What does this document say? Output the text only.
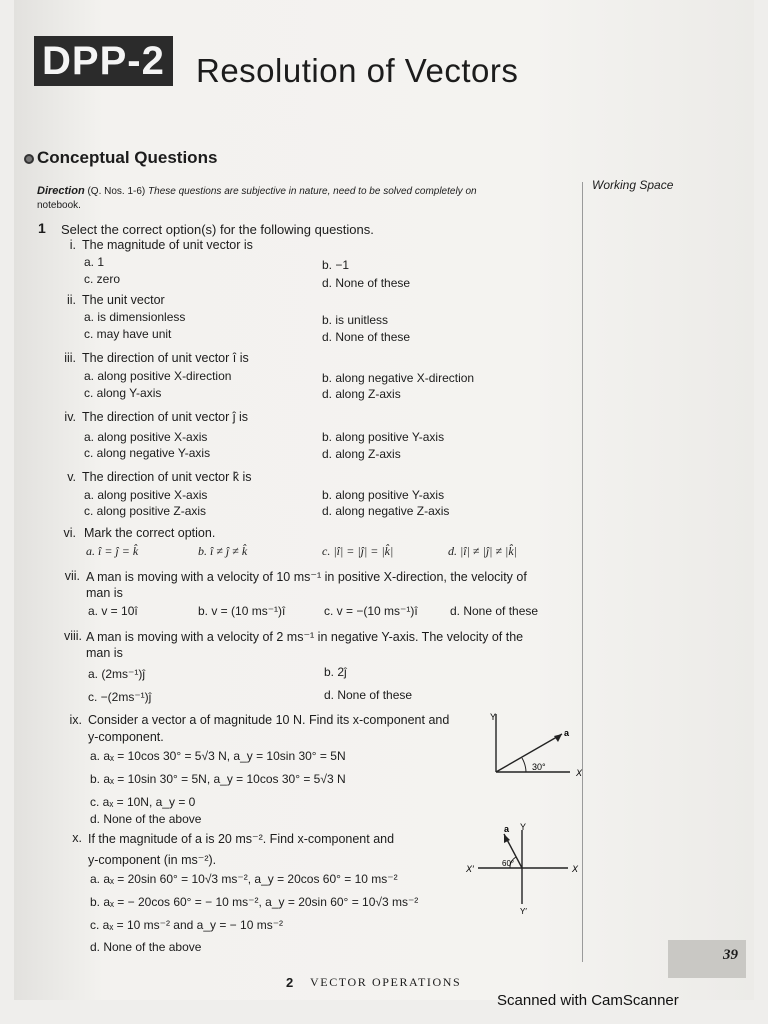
DPP-2 Resolution of Vectors
Conceptual Questions
Direction (Q. Nos. 1-6) These questions are subjective in nature, need to be solved completely on
notebook.
Working Space
1 Select the correct option(s) for the following questions.
i. The magnitude of unit vector is
a. 1	b. −1
c. zero	d. None of these
ii. The unit vector
a. is dimensionless	b. is unitless
c. may have unit	d. None of these
iii. The direction of unit vector î is
a. along positive X-direction	b. along negative X-direction
c. along Y-axis	d. along Z-axis
iv. The direction of unit vector ĵ is
a. along positive X-axis	b. along positive Y-axis
c. along negative Y-axis	d. along Z-axis
v. The direction of unit vector k̂ is
a. along positive X-axis	b. along positive Y-axis
c. along positive Z-axis	d. along negative Z-axis
vi. Mark the correct option.
a. î = ĵ = k̂	b. î ≠ ĵ ≠ k̂	c. |î| = |ĵ| = |k̂|	d. |î| ≠ |ĵ| ≠ |k̂|
vii. A man is moving with a velocity of 10 ms⁻¹ in positive X-direction, the velocity of
man is
a. v = 10î	b. v = (10 ms⁻¹)î	c. v = −(10 ms⁻¹)î	d. None of these
viii. A man is moving with a velocity of 2 ms⁻¹ in negative Y-axis. The velocity of the
man is
a. (2ms⁻¹)ĵ	b. 2ĵ
c. −(2ms⁻¹)ĵ	d. None of these
ix. Consider a vector a of magnitude 10 N. Find its x-component and
y-component.
a. aₓ = 10cos 30° = 5√3 N, a_y = 10sin 30° = 5N
b. aₓ = 10sin 30° = 5N, a_y = 10cos 30° = 5√3 N
c. aₓ = 10N, a_y = 0
d. None of the above
Y
X
a
30°
x. If the magnitude of a is 20 ms⁻². Find x-component and
y-component (in ms⁻²).
a. aₓ = 20sin 60° = 10√3 ms⁻², a_y = 20cos 60° = 10 ms⁻²
b. aₓ = − 20cos 60° = − 10 ms⁻², a_y = 20sin 60° = 10√3 ms⁻²
c. aₓ = 10 ms⁻² and a_y = − 10 ms⁻²
d. None of the above
Y
a
X
X′
Y′
60°
39
2 VECTOR OPERATIONS
Scanned with CamScanner
